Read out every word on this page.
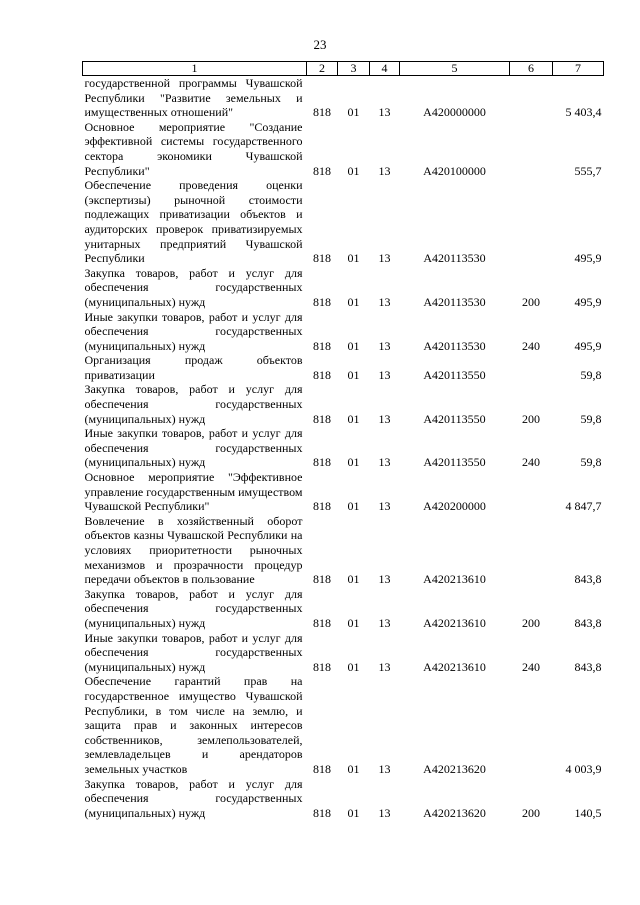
23
1	2	3	4	5	6	7
государственной программы Чувашской Республики "Развитие земельных и имущественных отношений"	818	01	13	А420000000		5 403,4
Основное мероприятие "Создание эффективной системы государственного сектора экономики Чувашской Республики"	818	01	13	А420100000		555,7
Обеспечение проведения оценки (экспертизы) рыночной стоимости подлежащих приватизации объектов и аудиторских проверок приватизируемых унитарных предприятий Чувашской Республики	818	01	13	А420113530		495,9
Закупка товаров, работ и услуг для обеспечения государственных (муниципальных) нужд	818	01	13	А420113530	200	495,9
Иные закупки товаров, работ и услуг для обеспечения государственных (муниципальных) нужд	818	01	13	А420113530	240	495,9
Организация продаж объектов приватизации	818	01	13	А420113550		59,8
Закупка товаров, работ и услуг для обеспечения государственных (муниципальных) нужд	818	01	13	А420113550	200	59,8
Иные закупки товаров, работ и услуг для обеспечения государственных (муниципальных) нужд	818	01	13	А420113550	240	59,8
Основное мероприятие "Эффективное управление государственным имуществом Чувашской Республики"	818	01	13	А420200000		4 847,7
Вовлечение в хозяйственный оборот объектов казны Чувашской Республики на условиях приоритетности рыночных механизмов и прозрачности процедур передачи объектов в пользование	818	01	13	А420213610		843,8
Закупка товаров, работ и услуг для обеспечения государственных (муниципальных) нужд	818	01	13	А420213610	200	843,8
Иные закупки товаров, работ и услуг для обеспечения государственных (муниципальных) нужд	818	01	13	А420213610	240	843,8
Обеспечение гарантий прав на государственное имущество Чувашской Республики, в том числе на землю, и защита прав и законных интересов собственников, землепользователей, землевладельцев и арендаторов земельных участков	818	01	13	А420213620		4 003,9
Закупка товаров, работ и услуг для обеспечения государственных (муниципальных) нужд	818	01	13	А420213620	200	140,5
